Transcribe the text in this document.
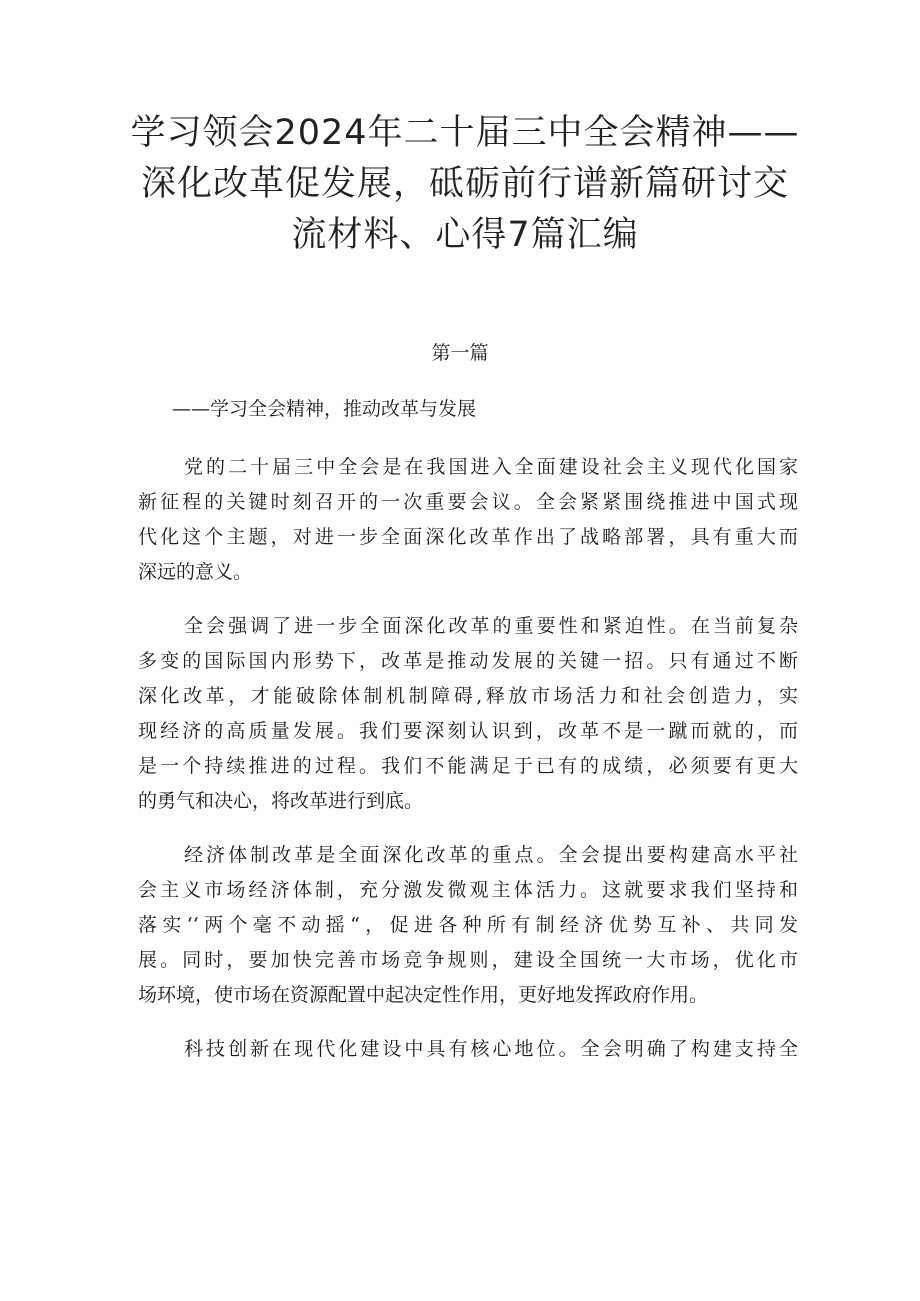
学习领会2024年二十届三中全会精神——
深化改革促发展，砥砺前行谱新篇研讨交
流材料、心得7篇汇编
第一篇
——学习全会精神，推动改革与发展
党的二十届三中全会是在我国进入全面建设社会主义现代化国家
新征程的关键时刻召开的一次重要会议。全会紧紧围绕推进中国式现
代化这个主题，对进一步全面深化改革作出了战略部署，具有重大而
深远的意义。
全会强调了进一步全面深化改革的重要性和紧迫性。在当前复杂
多变的国际国内形势下，改革是推动发展的关键一招。只有通过不断
深化改革，才能破除体制机制障碍,释放市场活力和社会创造力，实
现经济的高质量发展。我们要深刻认识到，改革不是一蹴而就的，而
是一个持续推进的过程。我们不能满足于已有的成绩，必须要有更大
的勇气和决心，将改革进行到底。
经济体制改革是全面深化改革的重点。全会提出要构建高水平社
会主义市场经济体制，充分激发微观主体活力。这就要求我们坚持和
落实‘‘两个毫不动摇“，促进各种所有制经济优势互补、共同发
展。同时，要加快完善市场竞争规则，建设全国统一大市场，优化市
场环境，使市场在资源配置中起决定性作用，更好地发挥政府作用。
科技创新在现代化建设中具有核心地位。全会明确了构建支持全
